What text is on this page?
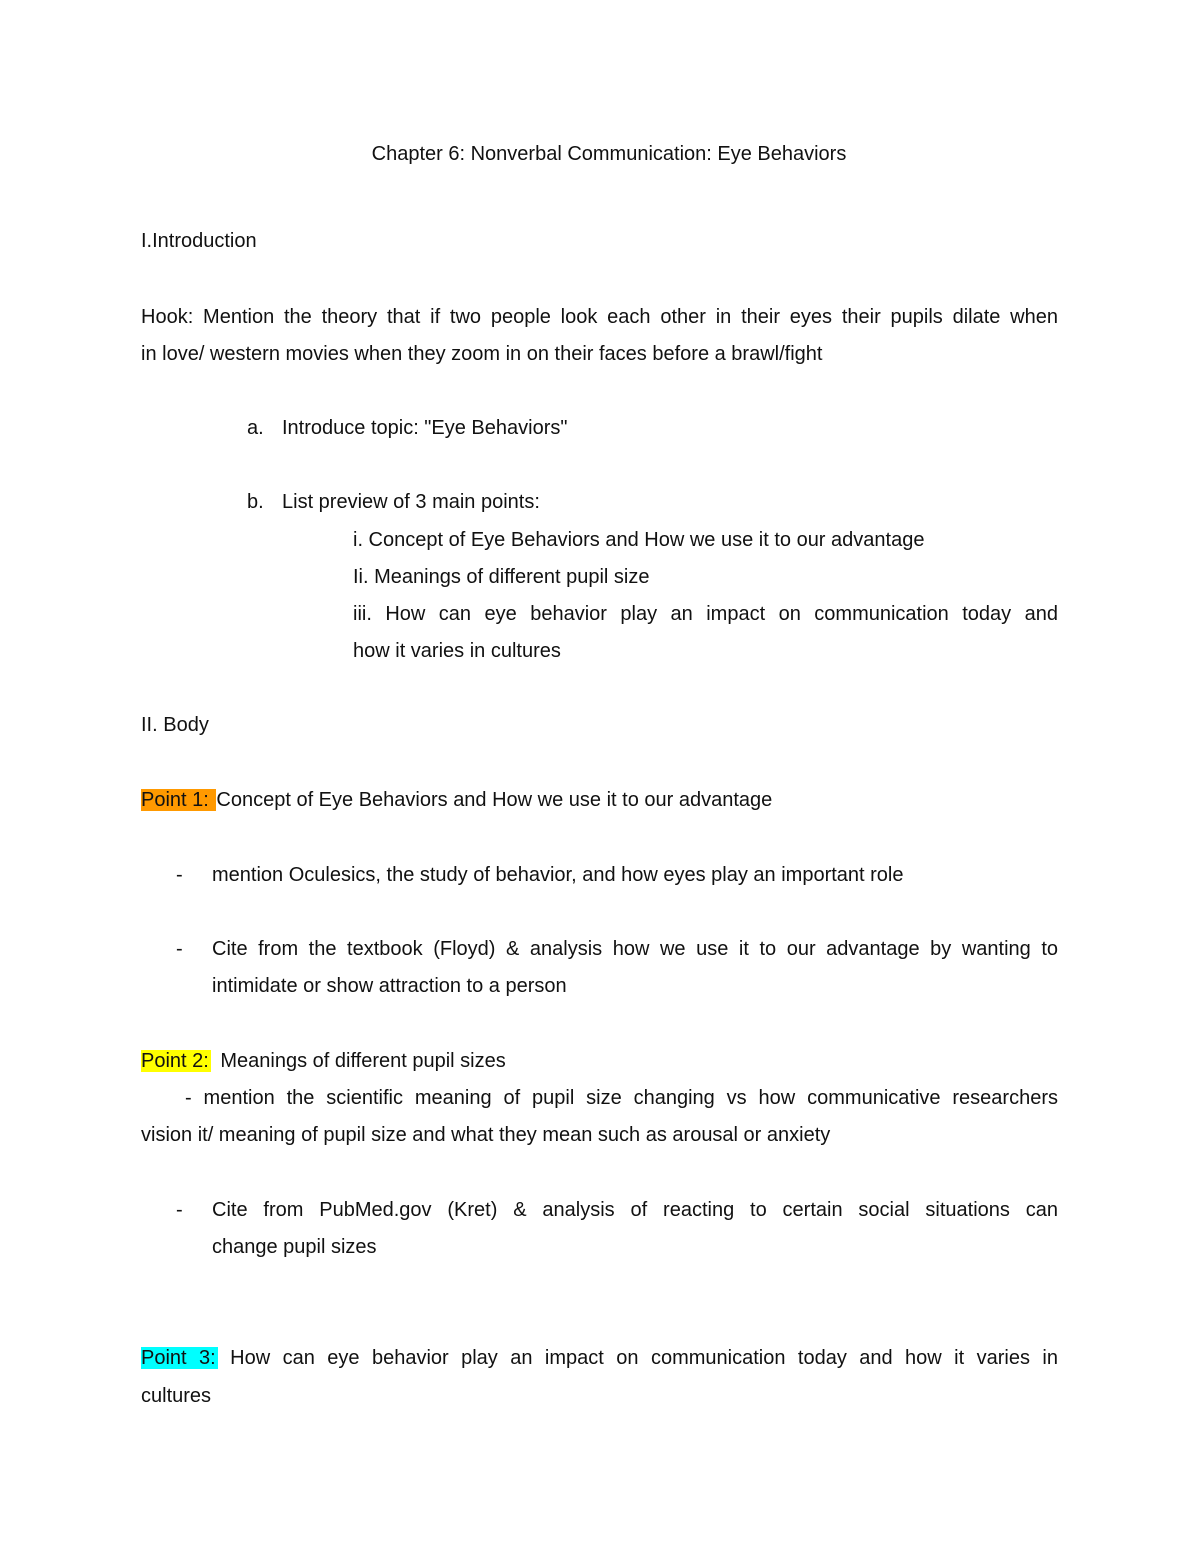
Chapter 6: Nonverbal Communication: Eye Behaviors
I.Introduction
Hook: Mention the theory that if two people look each other in their eyes their pupils dilate when
in love/ western movies when they zoom in on their faces before a brawl/fight
a. Introduce topic: "Eye Behaviors"
b. List preview of 3 main points:
i. Concept of Eye Behaviors and How we use it to our advantage
Ii. Meanings of different pupil size
iii. How can eye behavior play an impact on communication today and
how it varies in cultures
II. Body
Point 1: Concept of Eye Behaviors and How we use it to our advantage
- mention Oculesics, the study of behavior, and how eyes play an important role
- Cite from the textbook (Floyd) & analysis how we use it to our advantage by wanting to
intimidate or show attraction to a person
Point 2: Meanings of different pupil sizes
- mention the scientific meaning of pupil size changing vs how communicative researchers
vision it/ meaning of pupil size and what they mean such as arousal or anxiety
- Cite from PubMed.gov (Kret) & analysis of reacting to certain social situations can
change pupil sizes
Point 3: How can eye behavior play an impact on communication today and how it varies in
cultures
